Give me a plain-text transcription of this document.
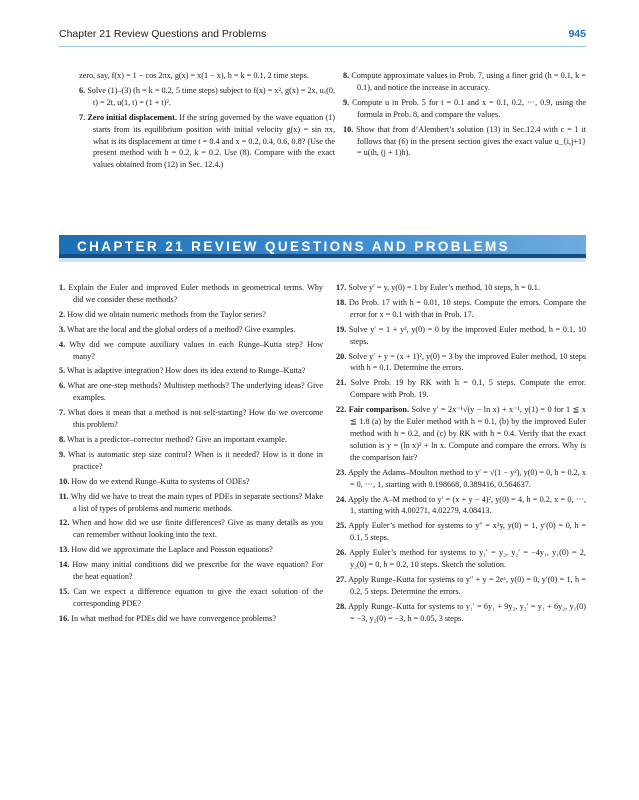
Chapter 21 Review Questions and Problems	945
zero, say, f(x) = 1 − cos 2πx, g(x) = x(1 − x), h = k = 0.1, 2 time steps.
6. Solve (1)–(3) (h = k = 0.2, 5 time steps) subject to f(x) = x², g(x) = 2x, uₓ(0, t) = 2t, u(1, t) = (1 + t)².
7. Zero initial displacement. If the string governed by the wave equation (1) starts from its equilibrium position with initial velocity g(x) = sin πx, what is its displacement at time t = 0.4 and x = 0.2, 0.4, 0.6, 0.8? (Use the present method with h = 0.2, k = 0.2. Use (8). Compare with the exact values obtained from (12) in Sec. 12.4.)
8. Compute approximate values in Prob. 7, using a finer grid (h = 0.1, k = 0.1), and notice the increase in accuracy.
9. Compute u in Prob. 5 for t = 0.1 and x = 0.1, 0.2, ···, 0.9, using the formula in Prob. 8, and compare the values.
10. Show that from d’Alembert’s solution (13) in Sec.12.4 with c = 1 it follows that (6) in the present section gives the exact value u_{i,j+1} = u(ih, (j + 1)h).
CHAPTER 21 REVIEW QUESTIONS AND PROBLEMS
1. Explain the Euler and improved Euler methods in geometrical terms. Why did we consider these methods?
2. How did we obtain numeric methods from the Taylor series?
3. What are the local and the global orders of a method? Give examples.
4. Why did we compute auxiliary values in each Runge–Kutta step? How many?
5. What is adaptive integration? How does its idea extend to Runge–Kutta?
6. What are one-step methods? Multistep methods? The underlying ideas? Give examples.
7. What does it mean that a method is not self-starting? How do we overcome this problem?
8. What is a predictor–corrector method? Give an important example.
9. What is automatic step size control? When is it needed? How is it done in practice?
10. How do we extend Runge–Kutta to systems of ODEs?
11. Why did we have to treat the main types of PDEs in separate sections? Make a list of types of problems and numeric methods.
12. When and how did we use finite differences? Give as many details as you can remember without looking into the text.
13. How did we approximate the Laplace and Poisson equations?
14. How many initial conditions did we prescribe for the wave equation? For the heat equation?
15. Can we expect a difference equation to give the exact solution of the corresponding PDE?
16. In what method for PDEs did we have convergence problems?
17. Solve y′ = y, y(0) = 1 by Euler’s method, 10 steps, h = 0.1.
18. Do Prob. 17 with h = 0.01, 10 steps. Compute the errors. Compare the error for x = 0.1 with that in Prob. 17.
19. Solve y′ = 1 + y², y(0) = 0 by the improved Euler method, h = 0.1, 10 steps.
20. Solve y′ + y = (x + 1)², y(0) = 3 by the improved Euler method, 10 steps with h = 0.1. Determine the errors.
21. Solve Prob. 19 by RK with h = 0.1, 5 steps. Compute the error. Compare with Prob. 19.
22. Fair comparison. Solve y′ = 2x⁻¹√(y − ln x) + x⁻¹, y(1) = 0 for 1 ≦ x ≦ 1.8 (a) by the Euler method with h = 0.1, (b) by the improved Euler method with h = 0.2, and (c) by RK with h = 0.4. Verify that the exact solution is y = (ln x)² + ln x. Compute and compare the errors. Why is the comparison fair?
23. Apply the Adams–Moulton method to y′ = √(1 − y²), y(0) = 0, h = 0.2, x = 0, ···, 1, starting with 0.198668, 0.389416, 0.564637.
24. Apply the A–M method to y′ = (x + y − 4)², y(0) = 4, h = 0.2, x = 0, ···, 1, starting with 4.00271, 4.02279, 4.08413.
25. Apply Euler’s method for systems to y″ = x²y, y(0) = 1, y′(0) = 0, h = 0.1, 5 steps.
26. Apply Euler’s method for systems to y₁′ = y₂, y₂′ = −4y₁, y₁(0) = 2, y₂(0) = 0, h = 0.2, 10 steps. Sketch the solution.
27. Apply Runge–Kutta for systems to y″ + y = 2eˣ, y(0) = 0, y′(0) = 1, h = 0.2, 5 steps. Determine the errors.
28. Apply Runge–Kutta for systems to y₁′ = 6y₁ + 9y₂, y₂′ = y₁ + 6y₂, y₁(0) = −3, y₂(0) = −3, h = 0.05, 3 steps.
